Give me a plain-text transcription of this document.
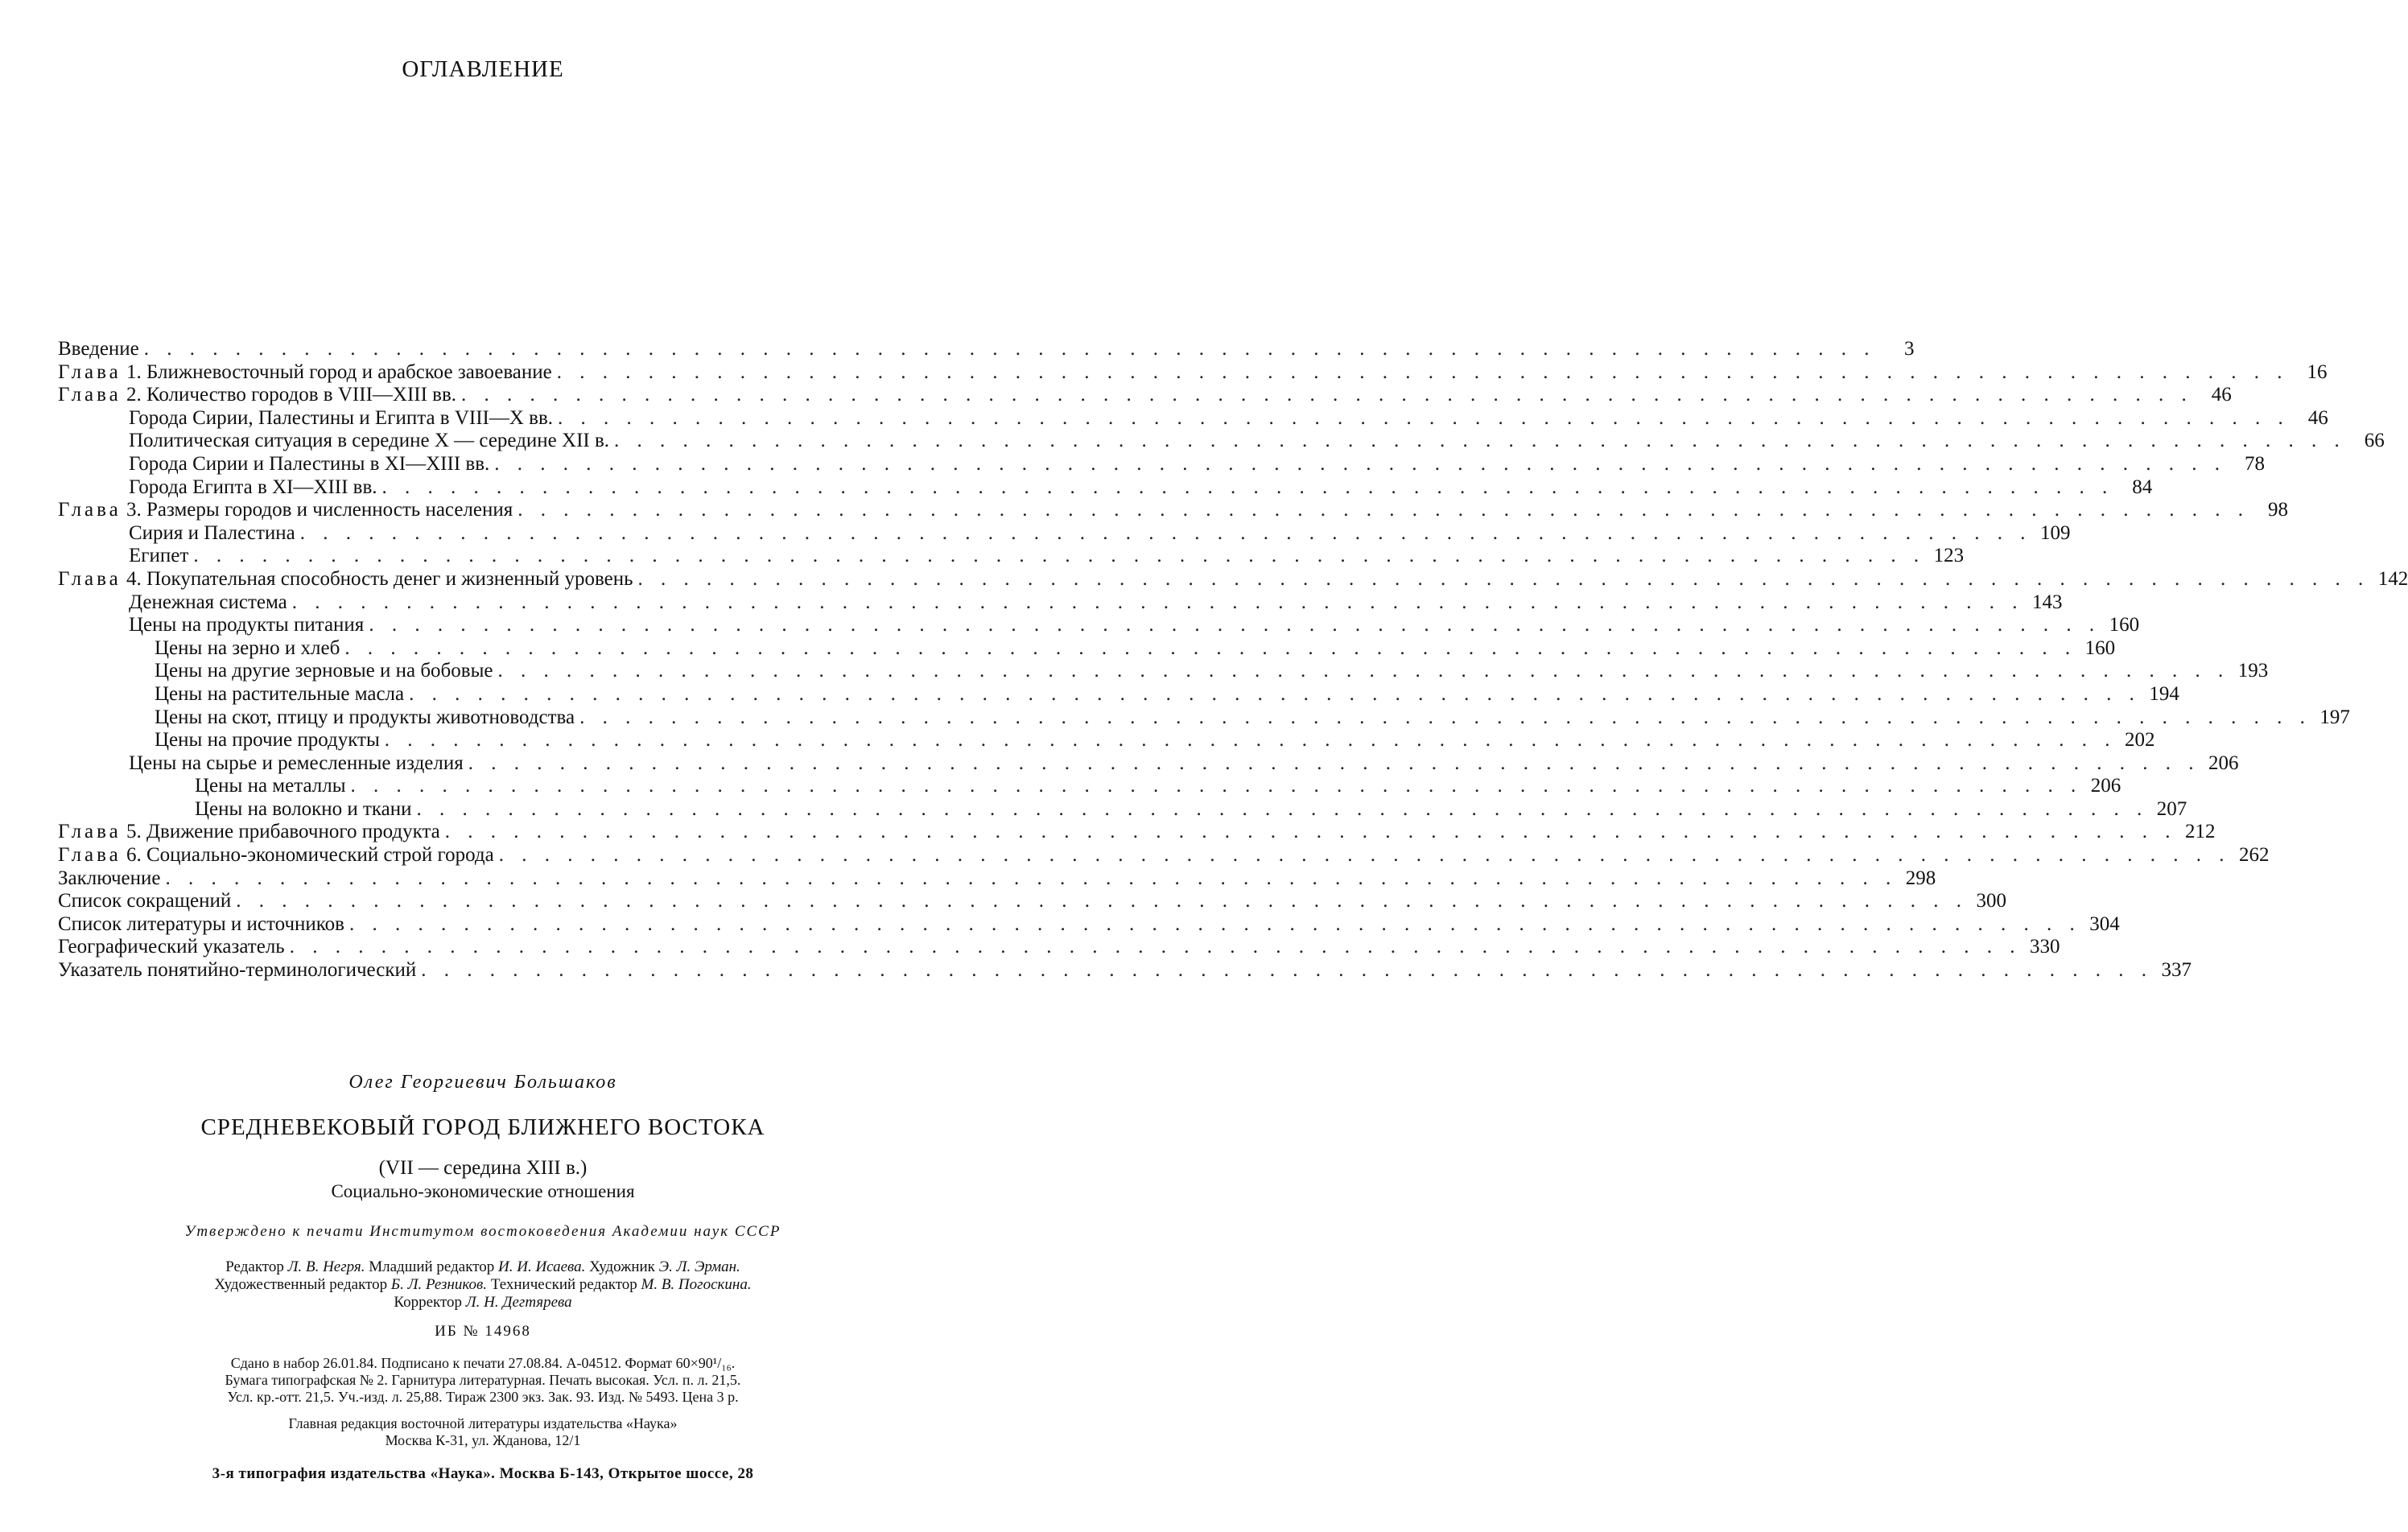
ОГЛАВЛЕНИЕ
Введение . . .	3
Глава 1. Ближневосточный город и арабское завоевание . . .	16
Глава 2. Количество городов в VIII—XIII вв. . . .	46
Города Сирии, Палестины и Египта в VIII—X вв. . . .	46
Политическая ситуация в середине X — середине XII в. . . .	66
Города Сирии и Палестины в XI—XIII вв. . . .	78
Города Египта в XI—XIII вв. . . .	84
Глава 3. Размеры городов и численность населения . . .	98
Сирия и Палестина . . .	109
Египет . . .	123
Глава 4. Покупательная способность денег и жизненный уровень . . .	142
Денежная система . . .	143
Цены на продукты питания . . .	160
Цены на зерно и хлеб . . .	160
Цены на другие зерновые и на бобовые . . .	193
Цены на растительные масла . . .	194
Цены на скот, птицу и продукты животноводства . . .	197
Цены на прочие продукты . . .	202
Цены на сырье и ремесленные изделия . . .	206
Цены на металлы . . .	206
Цены на волокно и ткани . . .	207
Глава 5. Движение прибавочного продукта . . .	212
Глава 6. Социально-экономический строй города . . .	262
Заключение . . .	298
Список сокращений . . .	300
Список литературы и источников . . .	304
Географический указатель . . .	330
Указатель понятийно-терминологический . . .	337
Олег Георгиевич Большаков
СРЕДНЕВЕКОВЫЙ ГОРОД БЛИЖНЕГО ВОСТОКА
(VII — середина XIII в.)
Социально-экономические отношения
Утверждено к печати Институтом востоковедения Академии наук СССР
Редактор Л. В. Негря. Младший редактор И. И. Исаева. Художник Э. Л. Эрман.
Художественный редактор Б. Л. Резников. Технический редактор М. В. Погоскина.
Корректор Л. Н. Дегтярева
ИБ № 14968
Сдано в набор 26.01.84. Подписано к печати 27.08.84. А-04512. Формат 60×90¹/₁₆.
Бумага типографская № 2. Гарнитура литературная. Печать высокая. Усл. п. л. 21,5.
Усл. кр.-отт. 21,5. Уч.-изд. л. 25,88. Тираж 2300 экз. Зак. 93. Изд. № 5493. Цена 3 р.
Главная редакция восточной литературы издательства «Наука»
Москва К-31, ул. Жданова, 12/1
3-я типография издательства «Наука». Москва Б-143, Открытое шоссе, 28
